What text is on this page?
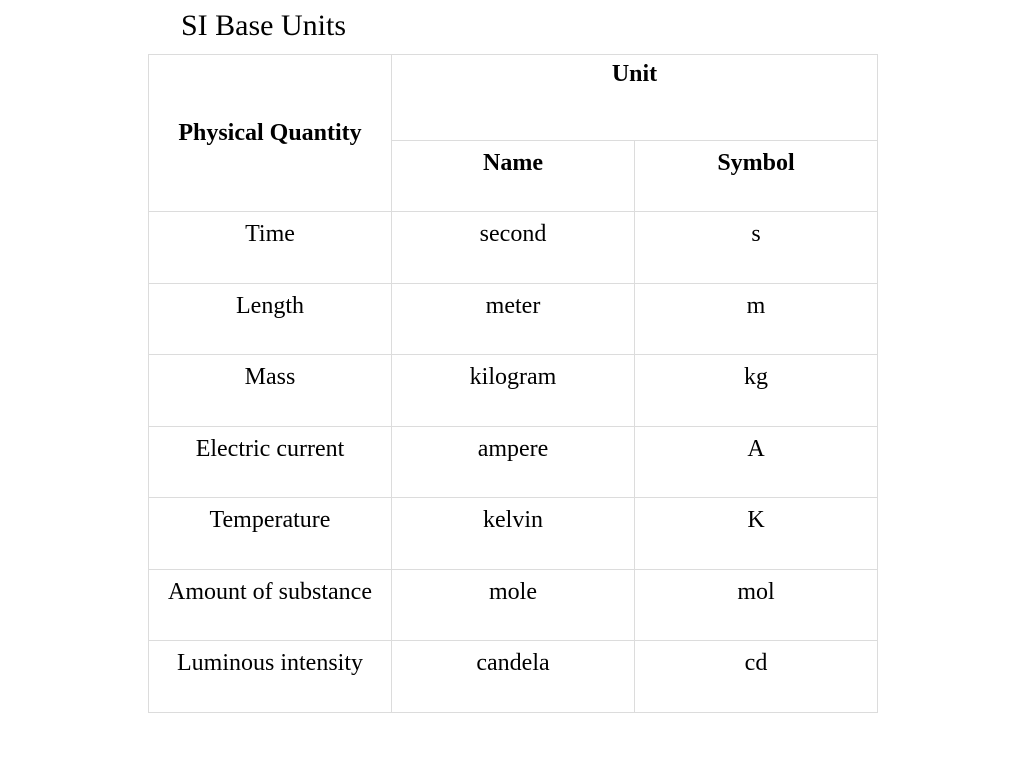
SI Base Units
Physical Quantity	Unit	
	Name	Symbol
Time	second	s
Length	meter	m
Mass	kilogram	kg
Electric current	ampere	A
Temperature	kelvin	K
Amount of substance	mole	mol
Luminous intensity	candela	cd
